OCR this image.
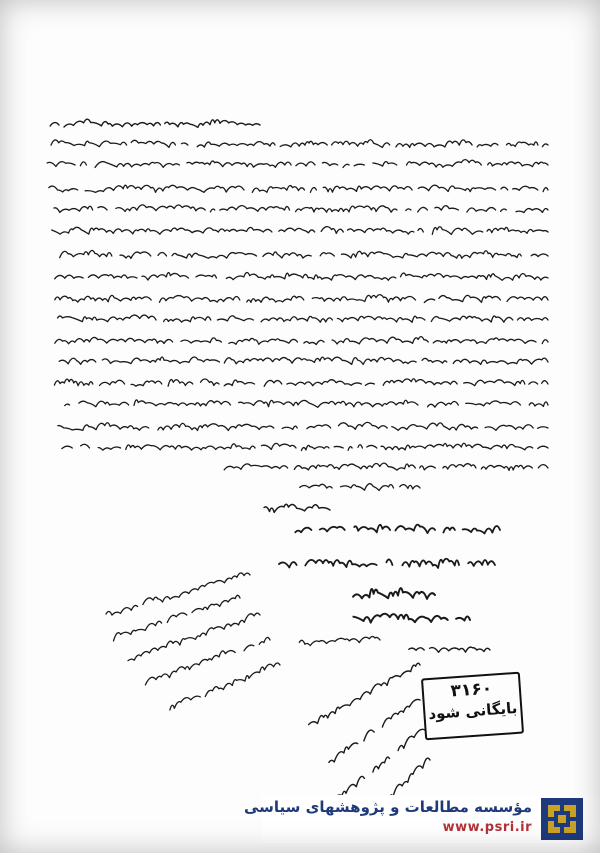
۳۱۶۰
بایگانی شود
مؤسسه مطالعات و پژوهشهای سیاسی
www.psri.ir
